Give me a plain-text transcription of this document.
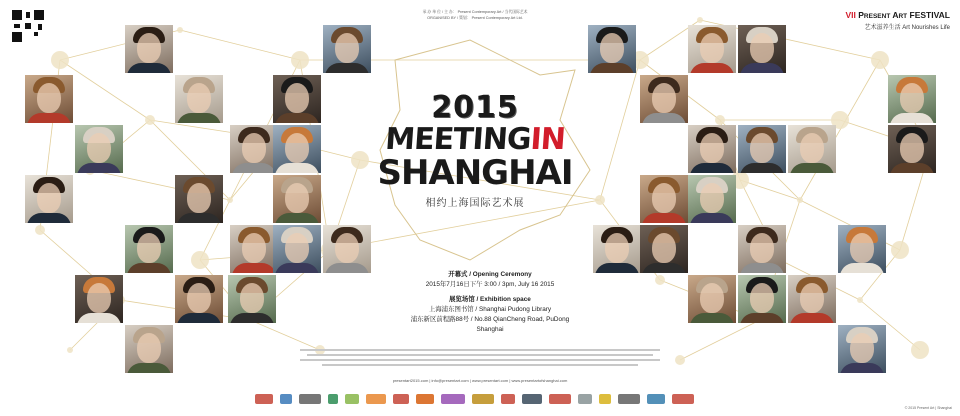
承 办 单 位 / 主 办： Present Contemporary Art / 当代国际艺术
ORGANISED BY / 策划： Present Contemporary Art Ltd.	VII PRESENT ART FESTIVAL
艺术滋养生活 Art Nourishes Life
2015
MEETINGIN
SHANGHAI
相约上海国际艺术展
开幕式 / Opening Ceremony
2015年7月16日下午 3:00 / 3pm, July 16 2015
展览场馆 / Exhibition space
上海浦东图书馆 / Shanghai Pudong Library
浦东新区前程路88号 / No.88 QianCheng Road, PuDong Shanghai
presentart2015.com | info@presentart.com | www.presentart.com | www.presentartofshanghai.com
© 2015 Present Art | Shanghai
